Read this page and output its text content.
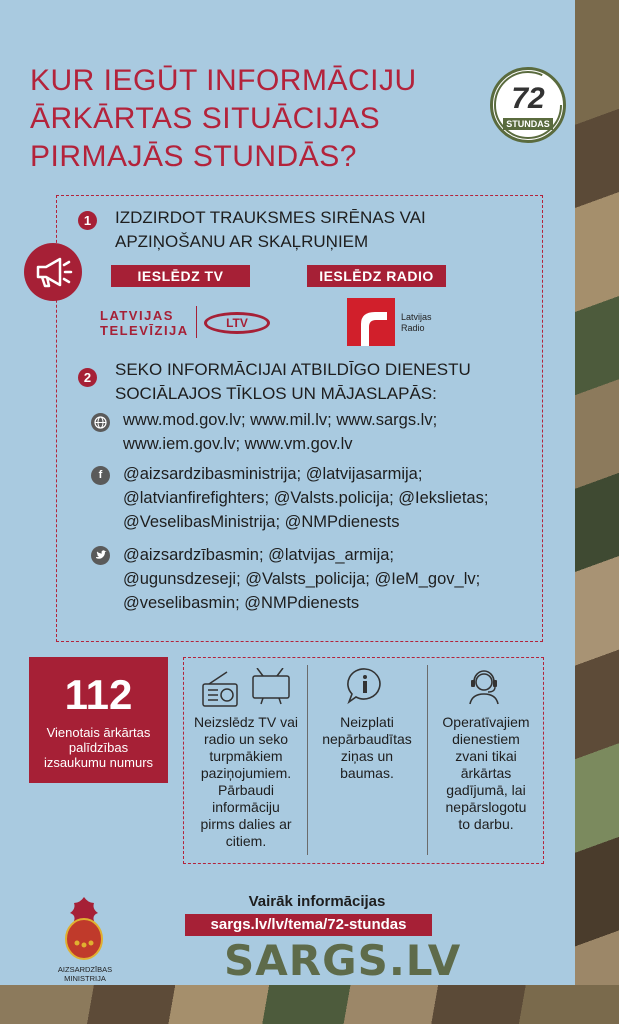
KUR IEGŪT INFORMĀCIJU
ĀRKĀRTAS SITUĀCIJAS
PIRMAJĀS STUNDĀS?
72
STUNDAS
1	IZDZIRDOT TRAUKSMES SIRĒNAS VAI
APZIŅOŠANU AR SKAĻRUŅIEM
IESLĒDZ TV	IESLĒDZ RADIO
LATVIJAS
TELEVĪZIJA	LTV	Latvijas
Radio
2	SEKO INFORMĀCIJAI ATBILDĪGO DIENESTU
SOCIĀLAJOS TĪKLOS UN MĀJASLAPĀS:
www.mod.gov.lv; www.mil.lv; www.sargs.lv;
www.iem.gov.lv; www.vm.gov.lv
f	@aizsardzibasministrija; @latvijasarmija;
@latvianfirefighters; @Valsts.policija; @Iekslietas;
@VeselibasMinistrija; @NMPdienests
@aizsardzībasmin; @latvijas_armija;
@ugunsdzeseji; @Valsts_policija; @IeM_gov_lv;
@veselibasmin; @NMPdienests
112
Vienotais ārkārtas
palīdzības
izsaukumu numurs
Neizslēdz TV vai
radio un seko
turpmākiem
paziņojumiem.
Pārbaudi
informāciju
pirms dalies ar
citiem.
Neizplati
nepārbaudītas
ziņas un
baumas.
Operatīvajiem
dienestiem
zvani tikai
ārkārtas
gadījumā, lai
nepārslogotu
to darbu.
AIZSARDZĪBAS
MINISTRIJA
Vairāk informācijas
sargs.lv/lv/tema/72-stundas
SARGS.LV
